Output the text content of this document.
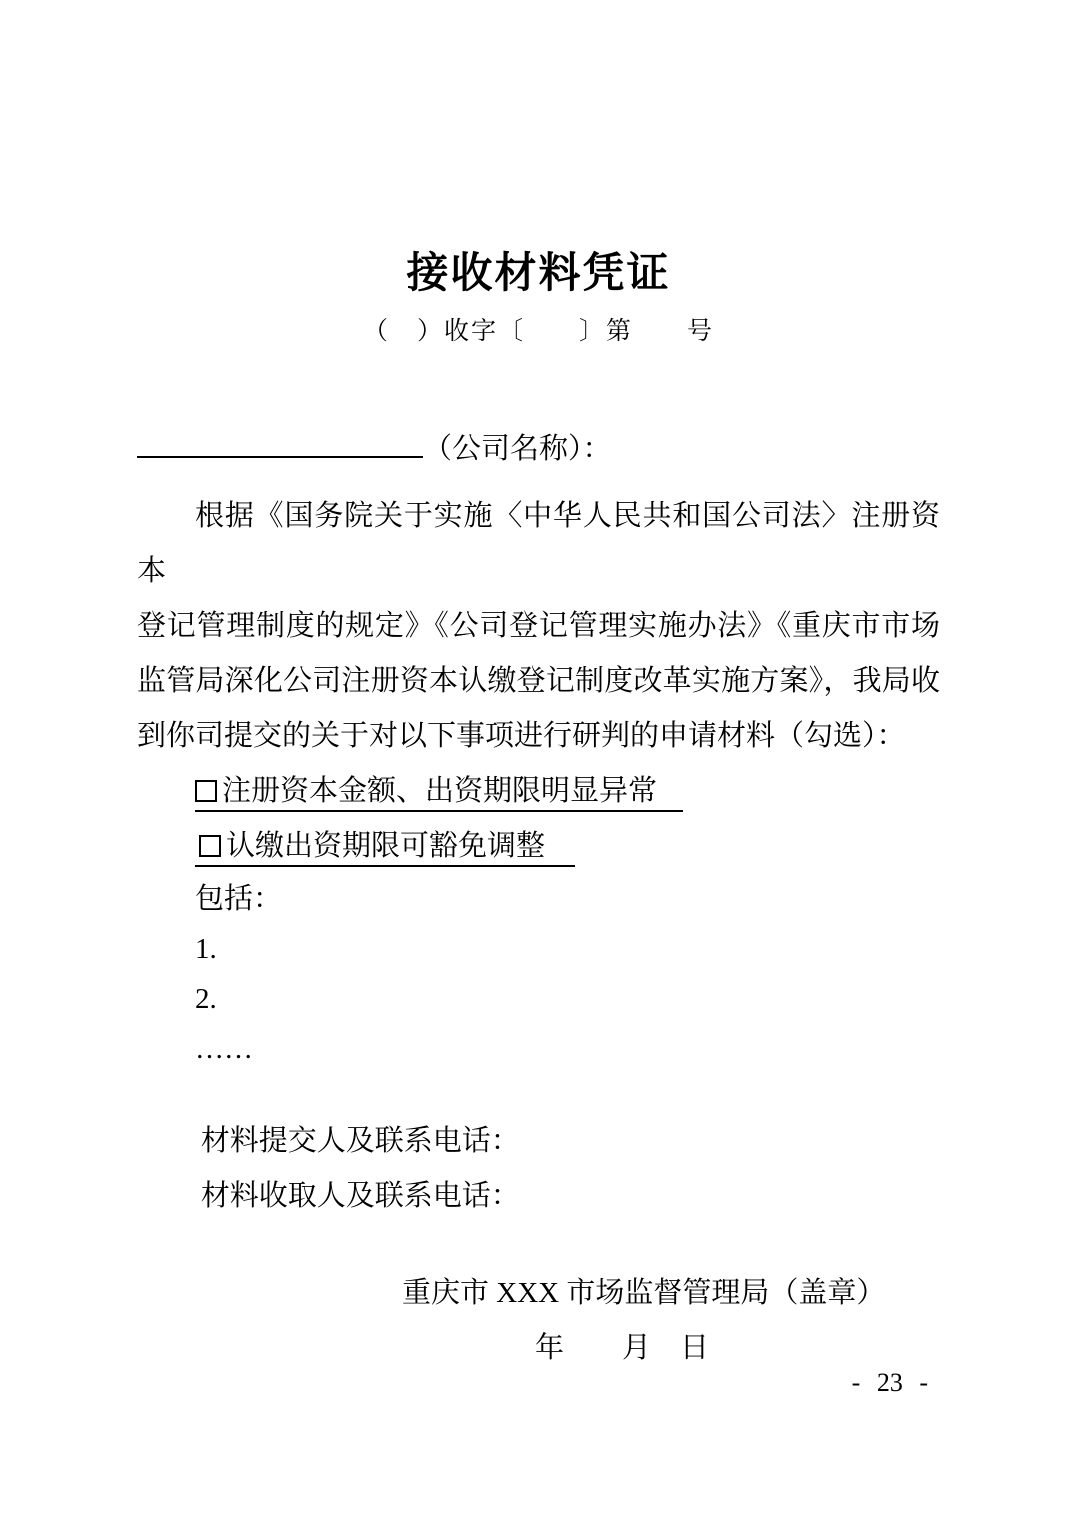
接收材料凭证
（　）收字〔　　〕第　　号
（公司名称）：
根据《国务院关于实施〈中华人民共和国公司法〉注册资本
登记管理制度的规定》《公司登记管理实施办法》《重庆市市场
监管局深化公司注册资本认缴登记制度改革实施方案》，我局收
到你司提交的关于对以下事项进行研判的申请材料（勾选）：
注册资本金额、出资期限明显异常
认缴出资期限可豁免调整
包括：
1.
2.
……
材料提交人及联系电话：
材料收取人及联系电话：
重庆市 XXX 市场监督管理局（盖章）
年　　月　日
- 23 -
